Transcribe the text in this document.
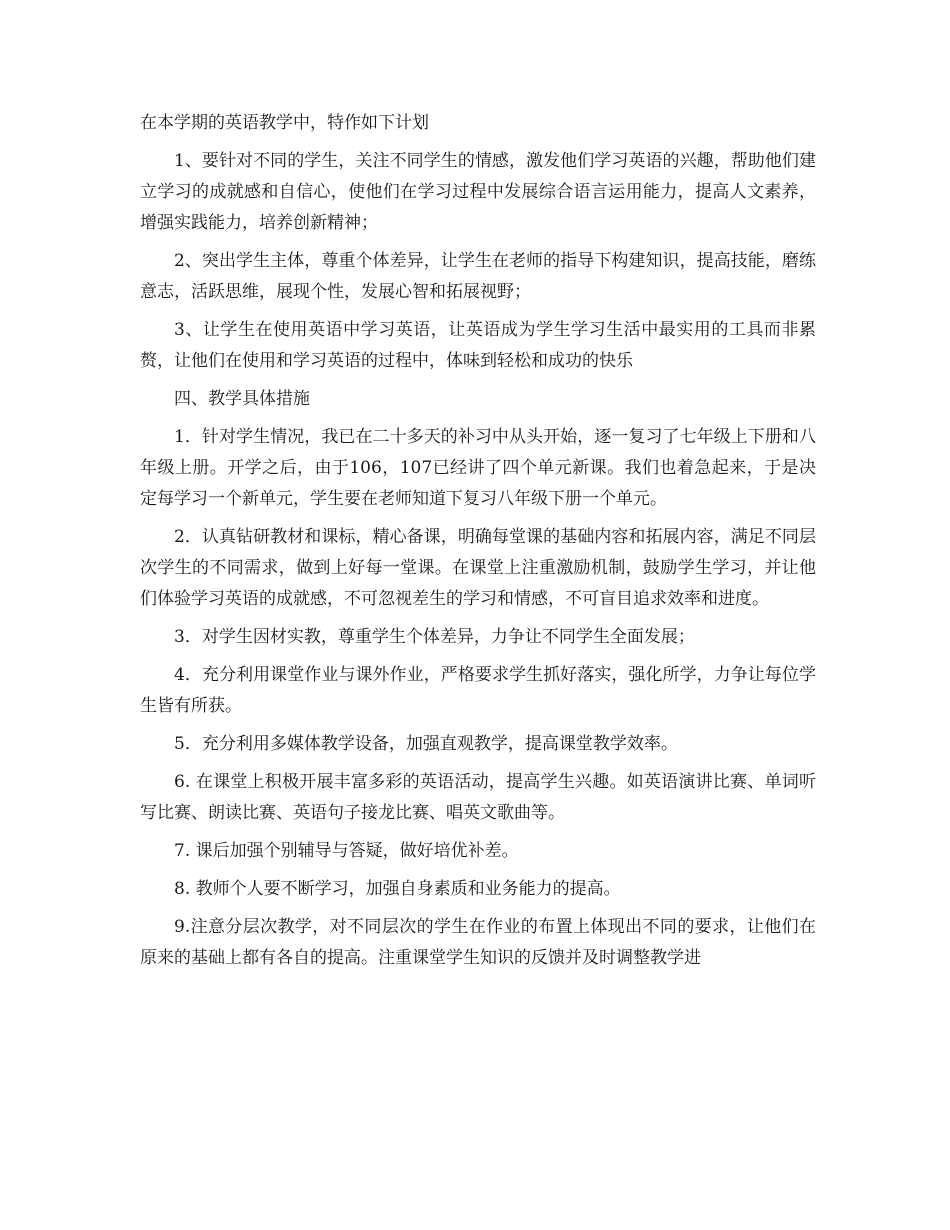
在本学期的英语教学中，特作如下计划

1、要针对不同的学生，关注不同学生的情感，激发他们学习英语的兴趣，帮助他们建立学习的成就感和自信心，使他们在学习过程中发展综合语言运用能力，提高人文素养，增强实践能力，培养创新精神；

2、突出学生主体，尊重个体差异，让学生在老师的指导下构建知识，提高技能，磨练意志，活跃思维，展现个性，发展心智和拓展视野；

3、让学生在使用英语中学习英语，让英语成为学生学习生活中最实用的工具而非累赘，让他们在使用和学习英语的过程中，体味到轻松和成功的快乐

四、教学具体措施

1．针对学生情况，我已在二十多天的补习中从头开始，逐一复习了七年级上下册和八年级上册。开学之后，由于106，107已经讲了四个单元新课。我们也着急起来，于是决定每学习一个新单元，学生要在老师知道下复习八年级下册一个单元。

2．认真钻研教材和课标，精心备课，明确每堂课的基础内容和拓展内容，满足不同层次学生的不同需求，做到上好每一堂课。在课堂上注重激励机制，鼓励学生学习，并让他们体验学习英语的成就感，不可忽视差生的学习和情感，不可盲目追求效率和进度。

3．对学生因材实教，尊重学生个体差异，力争让不同学生全面发展；

4．充分利用课堂作业与课外作业，严格要求学生抓好落实，强化所学，力争让每位学生皆有所获。

5．充分利用多媒体教学设备，加强直观教学，提高课堂教学效率。

6. 在课堂上积极开展丰富多彩的英语活动，提高学生兴趣。如英语演讲比赛、单词听写比赛、朗读比赛、英语句子接龙比赛、唱英文歌曲等。

7. 课后加强个别辅导与答疑，做好培优补差。

8. 教师个人要不断学习，加强自身素质和业务能力的提高。

9.注意分层次教学，对不同层次的学生在作业的布置上体现出不同的要求，让他们在原来的基础上都有各自的提高。注重课堂学生知识的反馈并及时调整教学进
